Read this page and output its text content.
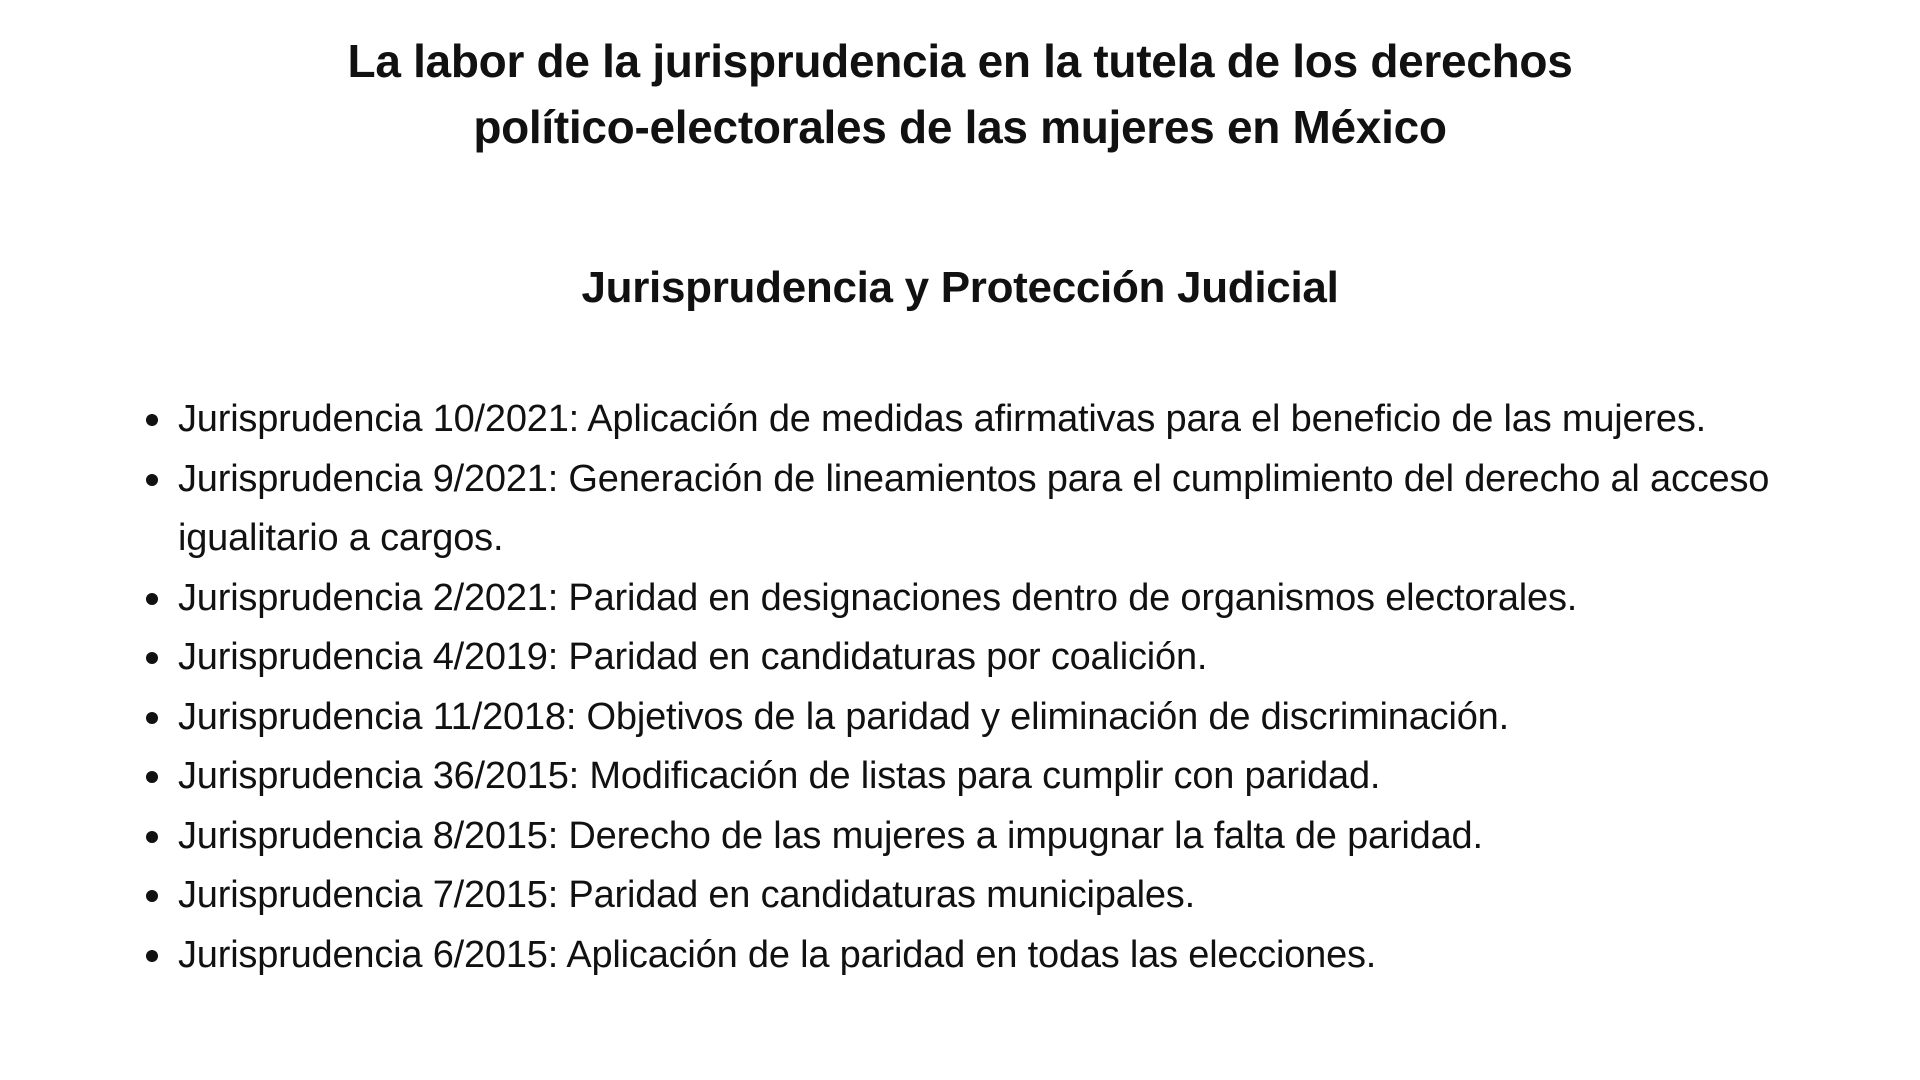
La labor de la jurisprudencia en la tutela de los derechos
político-electorales de las mujeres en México
Jurisprudencia y Protección Judicial
Jurisprudencia 10/2021: Aplicación de medidas afirmativas para el beneficio de las mujeres.
Jurisprudencia 9/2021: Generación de lineamientos para el cumplimiento del derecho al acceso igualitario a cargos.
Jurisprudencia 2/2021: Paridad en designaciones dentro de organismos electorales.
Jurisprudencia 4/2019: Paridad en candidaturas por coalición.
Jurisprudencia 11/2018: Objetivos de la paridad y eliminación de discriminación.
Jurisprudencia 36/2015: Modificación de listas para cumplir con paridad.
Jurisprudencia 8/2015: Derecho de las mujeres a impugnar la falta de paridad.
Jurisprudencia 7/2015: Paridad en candidaturas municipales.
Jurisprudencia 6/2015: Aplicación de la paridad en todas las elecciones.
